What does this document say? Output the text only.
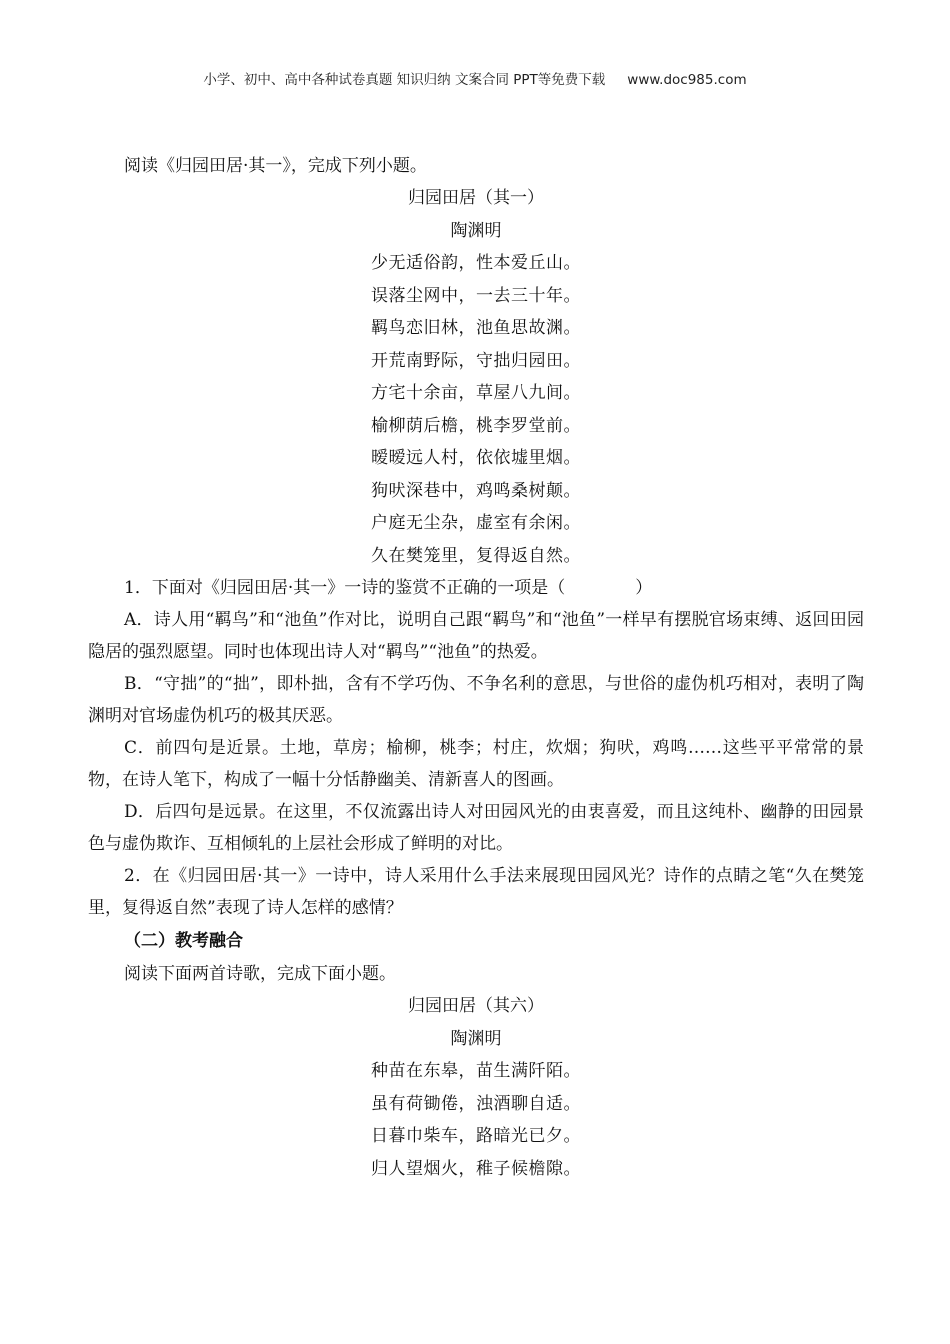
小学、初中、高中各种试卷真题 知识归纳 文案合同 PPT等免费下载 www.doc985.com

阅读《归园田居·其一》，完成下列小题。

归园田居（其一）

陶渊明

少无适俗韵，性本爱丘山。

误落尘网中，一去三十年。

羁鸟恋旧林，池鱼思故渊。

开荒南野际，守拙归园田。

方宅十余亩，草屋八九间。

榆柳荫后檐，桃李罗堂前。

暧暧远人村，依依墟里烟。

狗吠深巷中，鸡鸣桑树颠。

户庭无尘杂，虚室有余闲。

久在樊笼里，复得返自然。

1．下面对《归园田居·其一》一诗的鉴赏不正确的一项是（	）

A．诗人用“羁鸟”和“池鱼”作对比，说明自己跟“羁鸟”和“池鱼”一样早有摆脱官场束缚、返回田园隐居的强烈愿望。同时也体现出诗人对“羁鸟”“池鱼”的热爱。

B．“守拙”的“拙”，即朴拙，含有不学巧伪、不争名利的意思，与世俗的虚伪机巧相对，表明了陶渊明对官场虚伪机巧的极其厌恶。

C．前四句是近景。土地，草房；榆柳，桃李；村庄，炊烟；狗吠，鸡鸣……这些平平常常的景物，在诗人笔下，构成了一幅十分恬静幽美、清新喜人的图画。

D．后四句是远景。在这里，不仅流露出诗人对田园风光的由衷喜爱，而且这纯朴、幽静的田园景色与虚伪欺诈、互相倾轧的上层社会形成了鲜明的对比。

2．在《归园田居·其一》一诗中，诗人采用什么手法来展现田园风光？诗作的点睛之笔“久在樊笼里，复得返自然”表现了诗人怎样的感情？

（二）教考融合

阅读下面两首诗歌，完成下面小题。

归园田居（其六）

陶渊明

种苗在东皋，苗生满阡陌。

虽有荷锄倦，浊酒聊自适。

日暮巾柴车，路暗光已夕。

归人望烟火，稚子候檐隙。
